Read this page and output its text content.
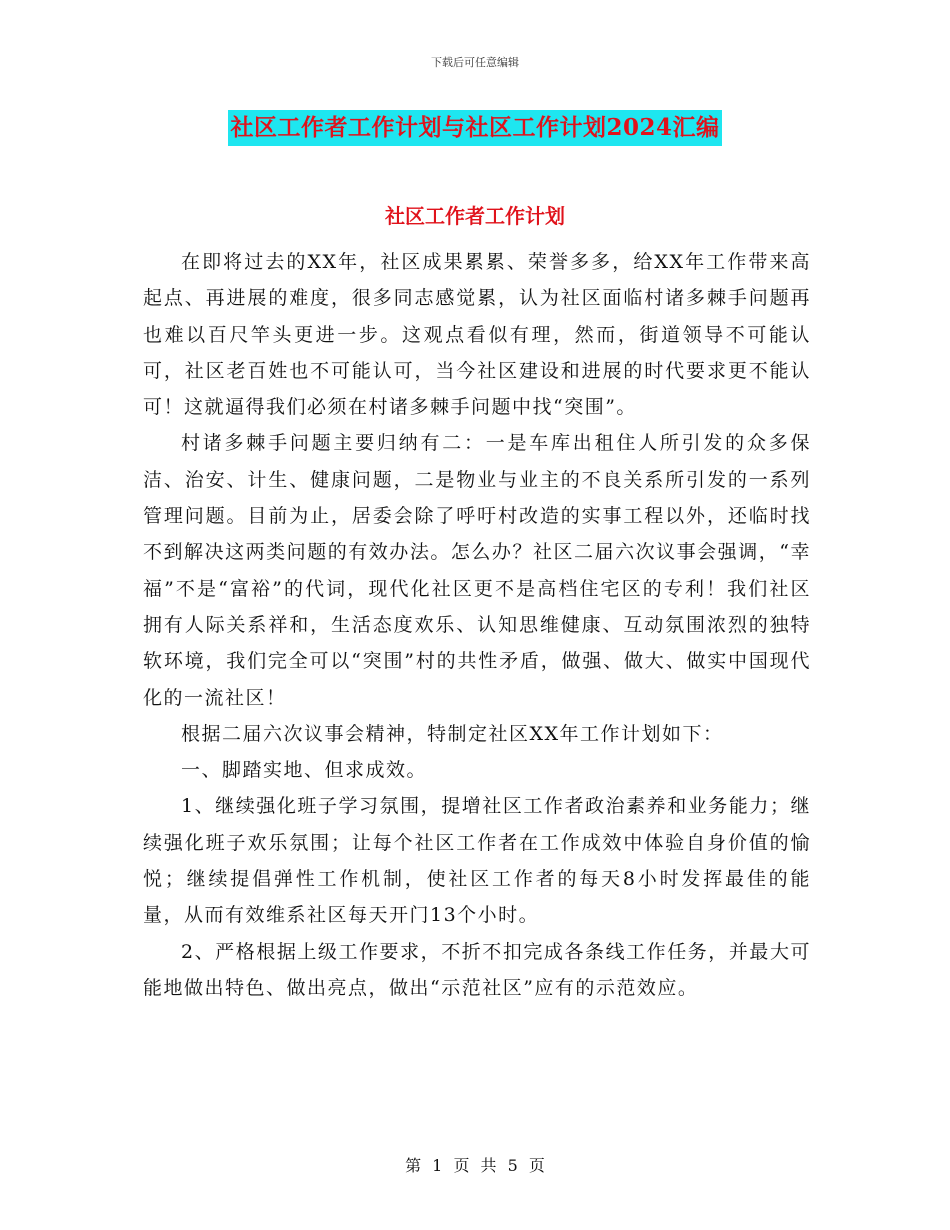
下载后可任意编辑
社区工作者工作计划与社区工作计划2024汇编
社区工作者工作计划

在即将过去的XX年，社区成果累累、荣誉多多，给XX年工作带来高起点、再进展的难度，很多同志感觉累，认为社区面临村诸多棘手问题再也难以百尺竿头更进一步。这观点看似有理，然而，街道领导不可能认可，社区老百姓也不可能认可，当今社区建设和进展的时代要求更不能认可！这就逼得我们必须在村诸多棘手问题中找“突围”。

村诸多棘手问题主要归纳有二：一是车库出租住人所引发的众多保洁、治安、计生、健康问题，二是物业与业主的不良关系所引发的一系列管理问题。目前为止，居委会除了呼吁村改造的实事工程以外，还临时找不到解决这两类问题的有效办法。怎么办？社区二届六次议事会强调，“幸福”不是“富裕”的代词，现代化社区更不是高档住宅区的专利！我们社区拥有人际关系祥和，生活态度欢乐、认知思维健康、互动氛围浓烈的独特软环境，我们完全可以“突围”村的共性矛盾，做强、做大、做实中国现代化的一流社区！

根据二届六次议事会精神，特制定社区XX年工作计划如下：

一、脚踏实地、但求成效。

1、继续强化班子学习氛围，提增社区工作者政治素养和业务能力；继续强化班子欢乐氛围；让每个社区工作者在工作成效中体验自身价值的愉悦；继续提倡弹性工作机制，使社区工作者的每天8小时发挥最佳的能量，从而有效维系社区每天开门13个小时。

2、严格根据上级工作要求，不折不扣完成各条线工作任务，并最大可能地做出特色、做出亮点，做出“示范社区”应有的示范效应。

第 1 页 共 5 页
